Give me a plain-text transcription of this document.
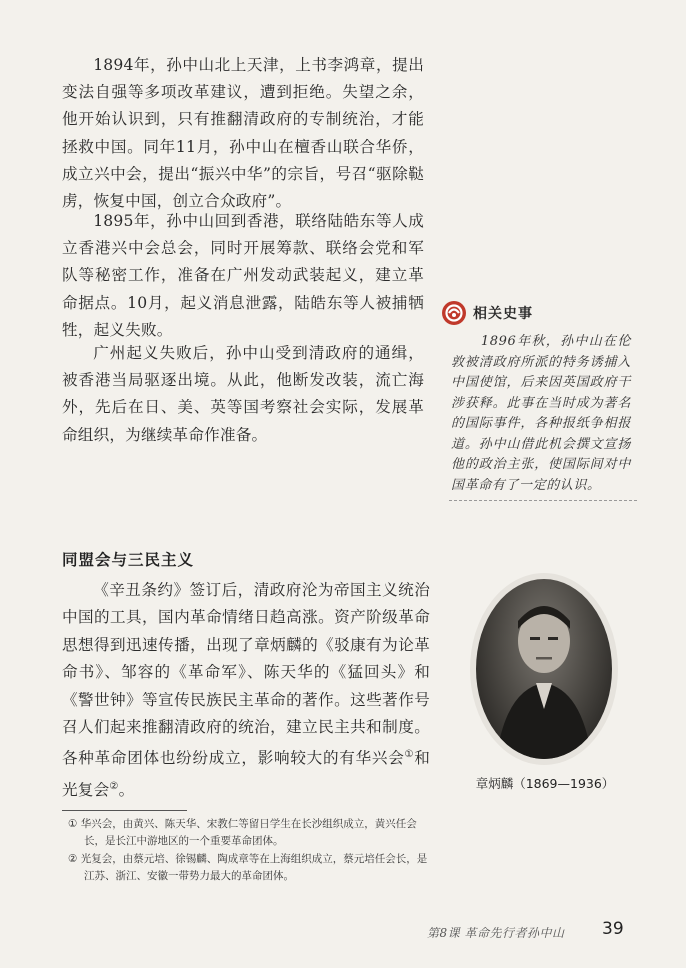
1894年，孙中山北上天津，上书李鸿章，提出变法自强等多项改革建议，遭到拒绝。失望之余，他开始认识到，只有推翻清政府的专制统治，才能拯救中国。同年11月，孙中山在檀香山联合华侨，成立兴中会，提出“振兴中华”的宗旨，号召“驱除鞑虏，恢复中国，创立合众政府”。

1895年，孙中山回到香港，联络陆皓东等人成立香港兴中会总会，同时开展筹款、联络会党和军队等秘密工作，准备在广州发动武装起义，建立革命据点。10月，起义消息泄露，陆皓东等人被捕牺牲，起义失败。

广州起义失败后，孙中山受到清政府的通缉，被香港当局驱逐出境。从此，他断发改装，流亡海外，先后在日、美、英等国考察社会实际，发展革命组织，为继续革命作准备。

同盟会与三民主义

《辛丑条约》签订后，清政府沦为帝国主义统治中国的工具，国内革命情绪日趋高涨。资产阶级革命思想得到迅速传播，出现了章炳麟的《驳康有为论革命书》、邹容的《革命军》、陈天华的《猛回头》和《警世钟》等宣传民族民主革命的著作。这些著作号召人们起来推翻清政府的统治，建立民主共和制度。各种革命团体也纷纷成立，影响较大的有华兴会①和光复会②。

① 华兴会，由黄兴、陈天华、宋教仁等留日学生在长沙组织成立，黄兴任会长，是长江中游地区的一个重要革命团体。

② 光复会，由蔡元培、徐锡麟、陶成章等在上海组织成立，蔡元培任会长，是江苏、浙江、安徽一带势力最大的革命团体。

相关史事

1896年秋，孙中山在伦敦被清政府所派的特务诱捕入中国使馆，后来因英国政府干涉获释。此事在当时成为著名的国际事件，各种报纸争相报道。孙中山借此机会撰文宣扬他的政治主张，使国际间对中国革命有了一定的认识。

章炳麟（1869—1936）
第8课 革命先行者孙中山 39
